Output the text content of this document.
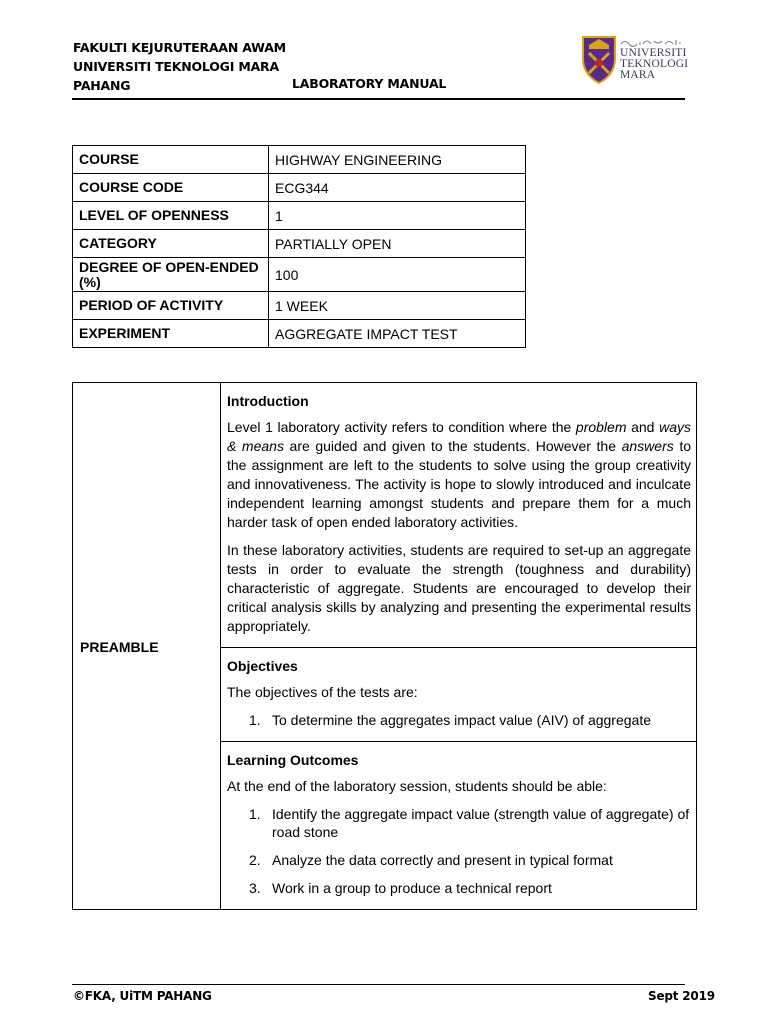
FAKULTI KEJURUTERAAN AWAM
UNIVERSITI TEKNOLOGI MARA
PAHANG	LABORATORY MANUAL
UNIVERSITI
TEKNOLOGI
MARA
COURSE	HIGHWAY ENGINEERING
COURSE CODE	ECG344
LEVEL OF OPENNESS	1
CATEGORY	PARTIALLY OPEN
DEGREE OF OPEN-ENDED (%)	100
PERIOD OF ACTIVITY	1 WEEK
EXPERIMENT	AGGREGATE IMPACT TEST
PREAMBLE
Introduction

Level 1 laboratory activity refers to condition where the problem and ways & means are guided and given to the students. However the answers to the assignment are left to the students to solve using the group creativity and innovativeness. The activity is hope to slowly introduced and inculcate independent learning amongst students and prepare them for a much harder task of open ended laboratory activities.

In these laboratory activities, students are required to set-up an aggregate tests in order to evaluate the strength (toughness and durability) characteristic of aggregate. Students are encouraged to develop their critical analysis skills by analyzing and presenting the experimental results appropriately.

Objectives

The objectives of the tests are:

1. To determine the aggregates impact value (AIV) of aggregate
Learning Outcomes

At the end of the laboratory session, students should be able:

1. Identify the aggregate impact value (strength value of aggregate) of road stone
2. Analyze the data correctly and present in typical format
3. Work in a group to produce a technical report
©FKA, UiTM PAHANG	Sept 2019
